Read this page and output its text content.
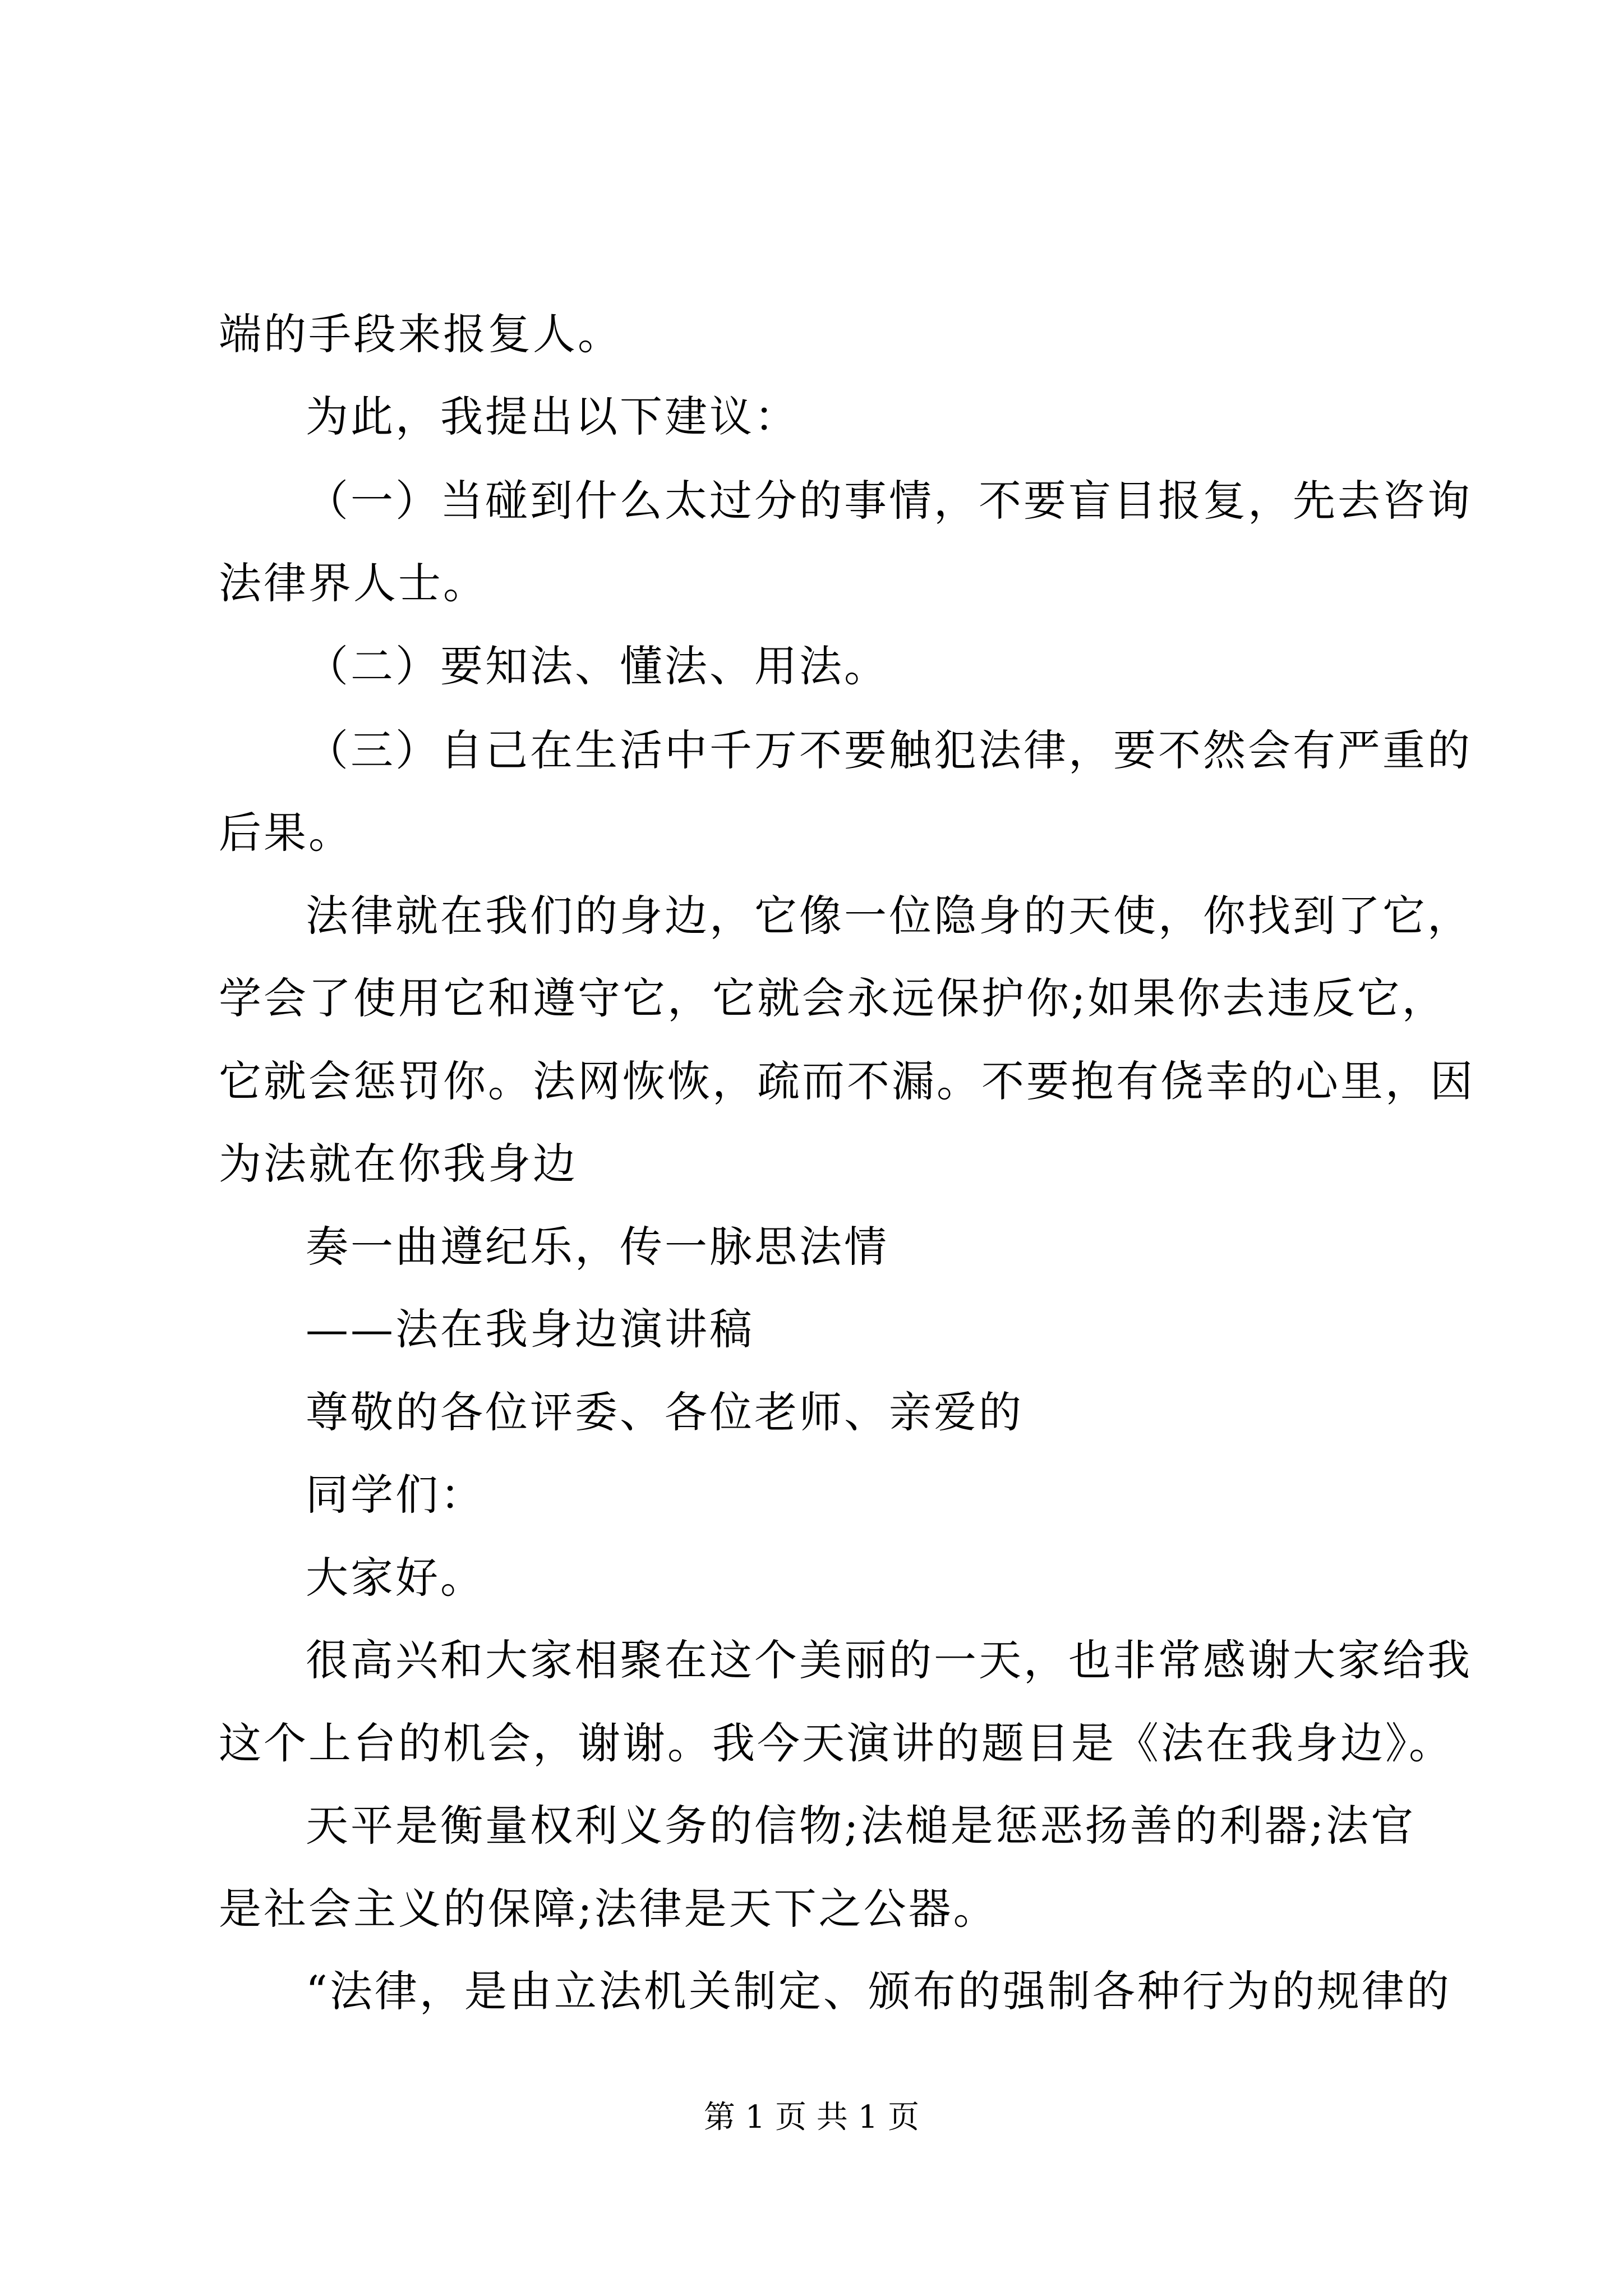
端的手段来报复人。
为此，我提出以下建议：
（一）当碰到什么太过分的事情，不要盲目报复，先去咨询
法律界人士。
（二）要知法、懂法、用法。
（三）自己在生活中千万不要触犯法律，要不然会有严重的
后果。
法律就在我们的身边，它像一位隐身的天使，你找到了它，
学会了使用它和遵守它，它就会永远保护你;如果你去违反它，
它就会惩罚你。法网恢恢，疏而不漏。不要抱有侥幸的心里，因
为法就在你我身边
奏一曲遵纪乐，传一脉思法情
——法在我身边演讲稿
尊敬的各位评委、各位老师、亲爱的
同学们：
大家好。
很高兴和大家相聚在这个美丽的一天，也非常感谢大家给我
这个上台的机会，谢谢。我今天演讲的题目是《法在我身边》。
天平是衡量权利义务的信物;法槌是惩恶扬善的利器;法官
是社会主义的保障;法律是天下之公器。
“法律，是由立法机关制定、颁布的强制各种行为的规律的
第 1 页 共 1 页
